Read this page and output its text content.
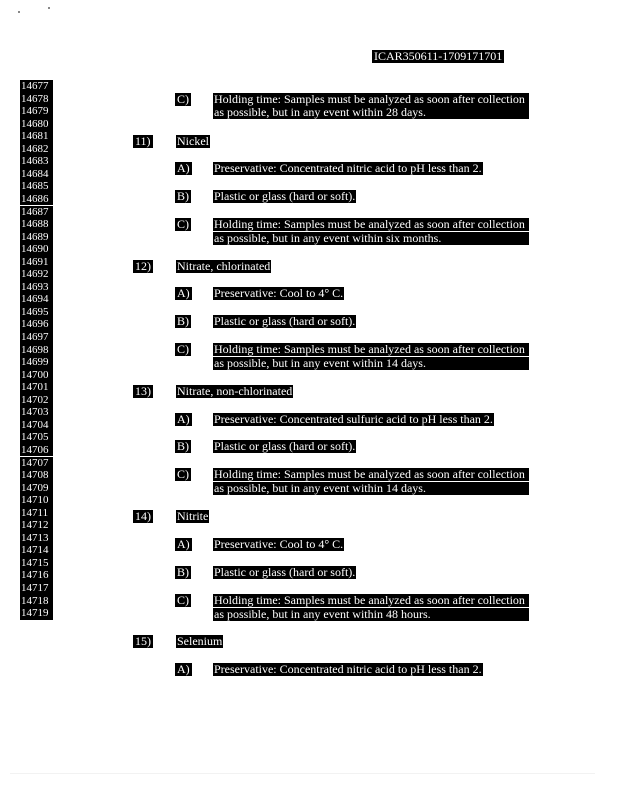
ICAR350611-1709171701
14677
14678
14679
14680
14681
14682
14683
14684
14685
14686
14687
14688
14689
14690
14691
14692
14693
14694
14695
14696
14697
14698
14699
14700
14701
14702
14703
14704
14705
14706
14707
14708
14709
14710
14711
14712
14713
14714
14715
14716
14717
14718
14719
C) Holding time: Samples must be analyzed as soon after collection
as possible, but in any event within 28 days.
11) Nickel
A) Preservative: Concentrated nitric acid to pH less than 2.
B) Plastic or glass (hard or soft).
C) Holding time: Samples must be analyzed as soon after collection
as possible, but in any event within six months.
12) Nitrate, chlorinated
A) Preservative: Cool to 4° C.
B) Plastic or glass (hard or soft).
C) Holding time: Samples must be analyzed as soon after collection
as possible, but in any event within 14 days.
13) Nitrate, non-chlorinated
A) Preservative: Concentrated sulfuric acid to pH less than 2.
B) Plastic or glass (hard or soft).
C) Holding time: Samples must be analyzed as soon after collection
as possible, but in any event within 14 days.
14) Nitrite
A) Preservative: Cool to 4° C.
B) Plastic or glass (hard or soft).
C) Holding time: Samples must be analyzed as soon after collection
as possible, but in any event within 48 hours.
15) Selenium
A) Preservative: Concentrated nitric acid to pH less than 2.
